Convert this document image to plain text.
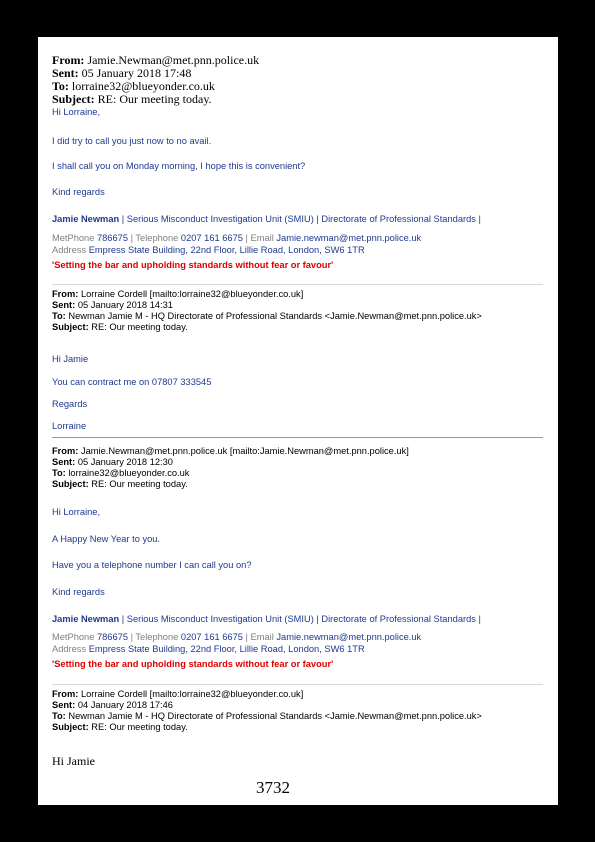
From: Jamie.Newman@met.pnn.police.uk
Sent: 05 January 2018 17:48
To: lorraine32@blueyonder.co.uk
Subject: RE: Our meeting today.
Hi Lorraine,
I did try to call you just now to no avail.
I shall call you on Monday morning, I hope this is convenient?
Kind regards
Jamie Newman | Serious Misconduct Investigation Unit (SMIU) | Directorate of Professional Standards |
MetPhone 786675 | Telephone 0207 161 6675 | Email Jamie.newman@met.pnn.police.uk
Address Empress State Building, 22nd Floor, Lillie Road, London, SW6 1TR
'Setting the bar and upholding standards without fear or favour'
From: Lorraine Cordell [mailto:lorraine32@blueyonder.co.uk]
Sent: 05 January 2018 14:31
To: Newman Jamie M - HQ Directorate of Professional Standards <Jamie.Newman@met.pnn.police.uk>
Subject: RE: Our meeting today.
Hi Jamie
You can contract me on 07807 333545
Regards
Lorraine
From: Jamie.Newman@met.pnn.police.uk [mailto:Jamie.Newman@met.pnn.police.uk]
Sent: 05 January 2018 12:30
To: lorraine32@blueyonder.co.uk
Subject: RE: Our meeting today.
Hi Lorraine,
A Happy New Year to you.
Have you a telephone number I can call you on?
Kind regards
Jamie Newman | Serious Misconduct Investigation Unit (SMIU) | Directorate of Professional Standards |
MetPhone 786675 | Telephone 0207 161 6675 | Email Jamie.newman@met.pnn.police.uk
Address Empress State Building, 22nd Floor, Lillie Road, London, SW6 1TR
'Setting the bar and upholding standards without fear or favour'
From: Lorraine Cordell [mailto:lorraine32@blueyonder.co.uk]
Sent: 04 January 2018 17:46
To: Newman Jamie M - HQ Directorate of Professional Standards <Jamie.Newman@met.pnn.police.uk>
Subject: RE: Our meeting today.
Hi Jamie
3732
